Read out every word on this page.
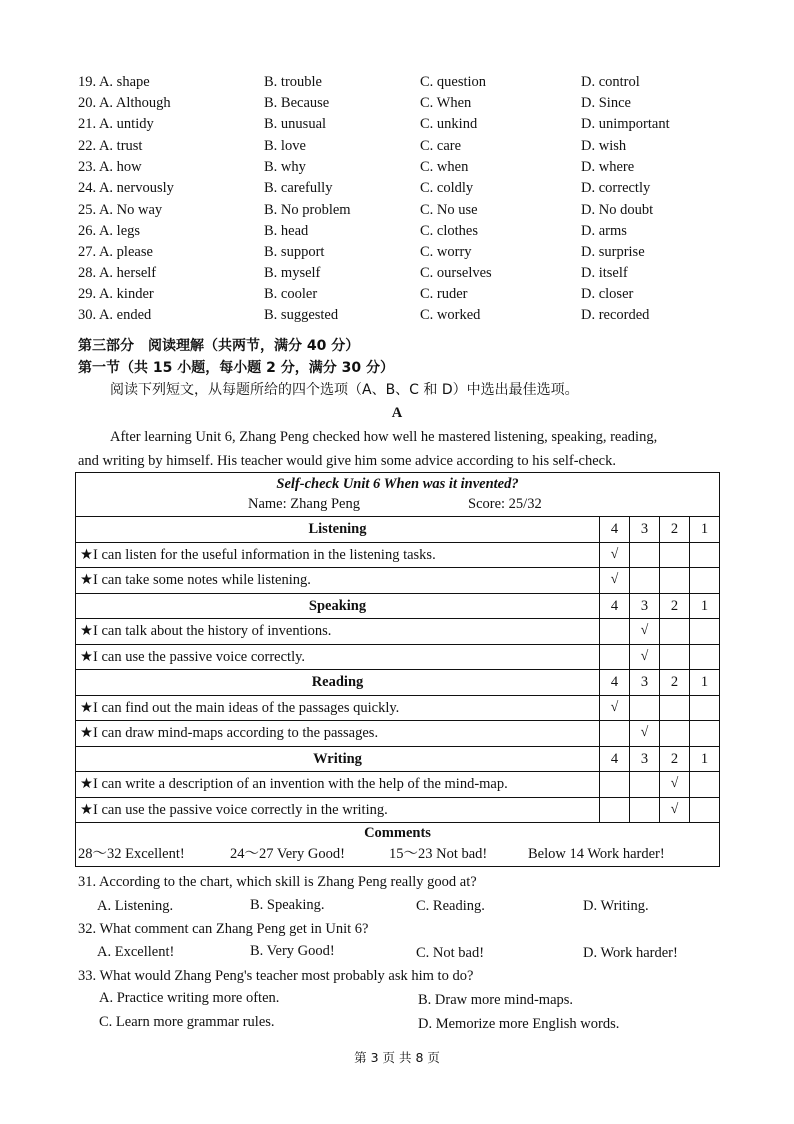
19. A. shape	B. trouble	C. question	D. control
20. A. Although	B. Because	C. When	D. Since
21. A. untidy	B. unusual	C. unkind	D. unimportant
22. A. trust	B. love	C. care	D. wish
23. A. how	B. why	C. when	D. where
24. A. nervously	B. carefully	C. coldly	D. correctly
25. A. No way	B. No problem	C. No use	D. No doubt
26. A. legs	B. head	C. clothes	D. arms
27. A. please	B. support	C. worry	D. surprise
28. A. herself	B. myself	C. ourselves	D. itself
29. A. kinder	B. cooler	C. ruder	D. closer
30. A. ended	B. suggested	C. worked	D. recorded
第三部分　阅读理解（共两节，满分 40 分）
第一节（共 15 小题，每小题 2 分，满分 30 分）
阅读下列短文，从每题所给的四个选项（A、B、C 和 D）中选出最佳选项。
A
After learning Unit 6, Zhang Peng checked how well he mastered listening, speaking, reading,
and writing by himself. His teacher would give him some advice according to his self-check.
Self-check Unit 6 When was it invented?
Name: Zhang Peng Score: 25/32				

Listening	4	3	2	1
★I can listen for the useful information in the listening tasks.	√			
★I can take some notes while listening.	√			
Speaking	4	3	2	1
★I can talk about the history of inventions.		√		
★I can use the passive voice correctly.		√		
Reading	4	3	2	1
★I can find out the main ideas of the passages quickly.	√			
★I can draw mind-maps according to the passages.		√		
Writing	4	3	2	1
★I can write a description of an invention with the help of the mind-map.			√	
★I can use the passive voice correctly in the writing.			√	

Comments
28～32 Excellent! 24～27 Very Good! 15～23 Not bad! Below 14 Work harder!				
31. According to the chart, which skill is Zhang Peng really good at?
A. Listening.	B. Speaking.	C. Reading.	D. Writing.
32. What comment can Zhang Peng get in Unit 6?
A. Excellent!	B. Very Good!	C. Not bad!	D. Work harder!
33. What would Zhang Peng's teacher most probably ask him to do?
A. Practice writing more often.	B. Draw more mind-maps.
C. Learn more grammar rules.	D. Memorize more English words.
第 3 页 共 8 页
